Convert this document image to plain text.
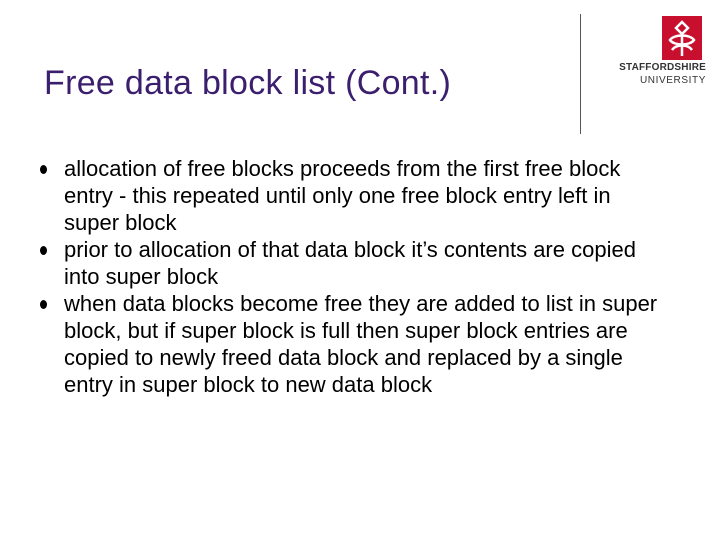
Free data block list (Cont.)	STAFFORDSHIRE
UNIVERSITY
allocation of free blocks proceeds from the first free block entry - this repeated until only one free block entry left in super block
prior to allocation of that data block it’s contents are copied into super block
when data blocks become free they are added to list in super block, but if super block is full then super block entries are copied to newly freed data block and replaced by a single entry in super block to new data block
